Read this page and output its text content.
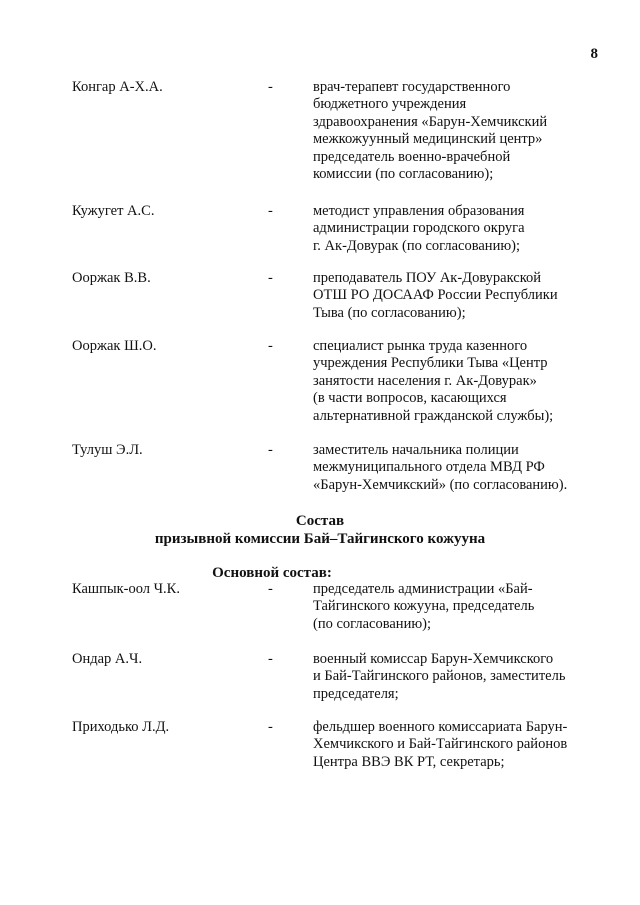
8
Конгар А-Х.А.	-	врач-терапевт государственного
бюджетного учреждения
здравоохранения «Барун-Хемчикский
межкожуунный медицинский центр»
председатель военно-врачебной
комиссии (по согласованию);
Кужугет А.С.	-	методист управления образования
администрации городского округа
г. Ак-Довурак (по согласованию);
Ооржак В.В.	-	преподаватель ПОУ Ак-Довуракской
ОТШ РО ДОСААФ России Республики
Тыва (по согласованию);
Ооржак Ш.О.	-	специалист рынка труда казенного
учреждения Республики Тыва «Центр
занятости населения г. Ак-Довурак»
(в части вопросов, касающихся
альтернативной гражданской службы);
Тулуш Э.Л.	-	заместитель начальника полиции
межмуниципального отдела МВД РФ
«Барун-Хемчикский» (по согласованию).
Состав
призывной комиссии Бай–Тайгинского кожууна
Основной состав:
Кашпык-оол Ч.К.	-	председатель администрации «Бай-
Тайгинского кожууна, председатель
(по согласованию);
Ондар А.Ч.	-	военный комиссар Барун-Хемчикского
и Бай-Тайгинского районов, заместитель
председателя;
Приходько Л.Д.	-	фельдшер военного комиссариата Барун-
Хемчикского и Бай-Тайгинского районов
Центра ВВЭ ВК РТ, секретарь;
